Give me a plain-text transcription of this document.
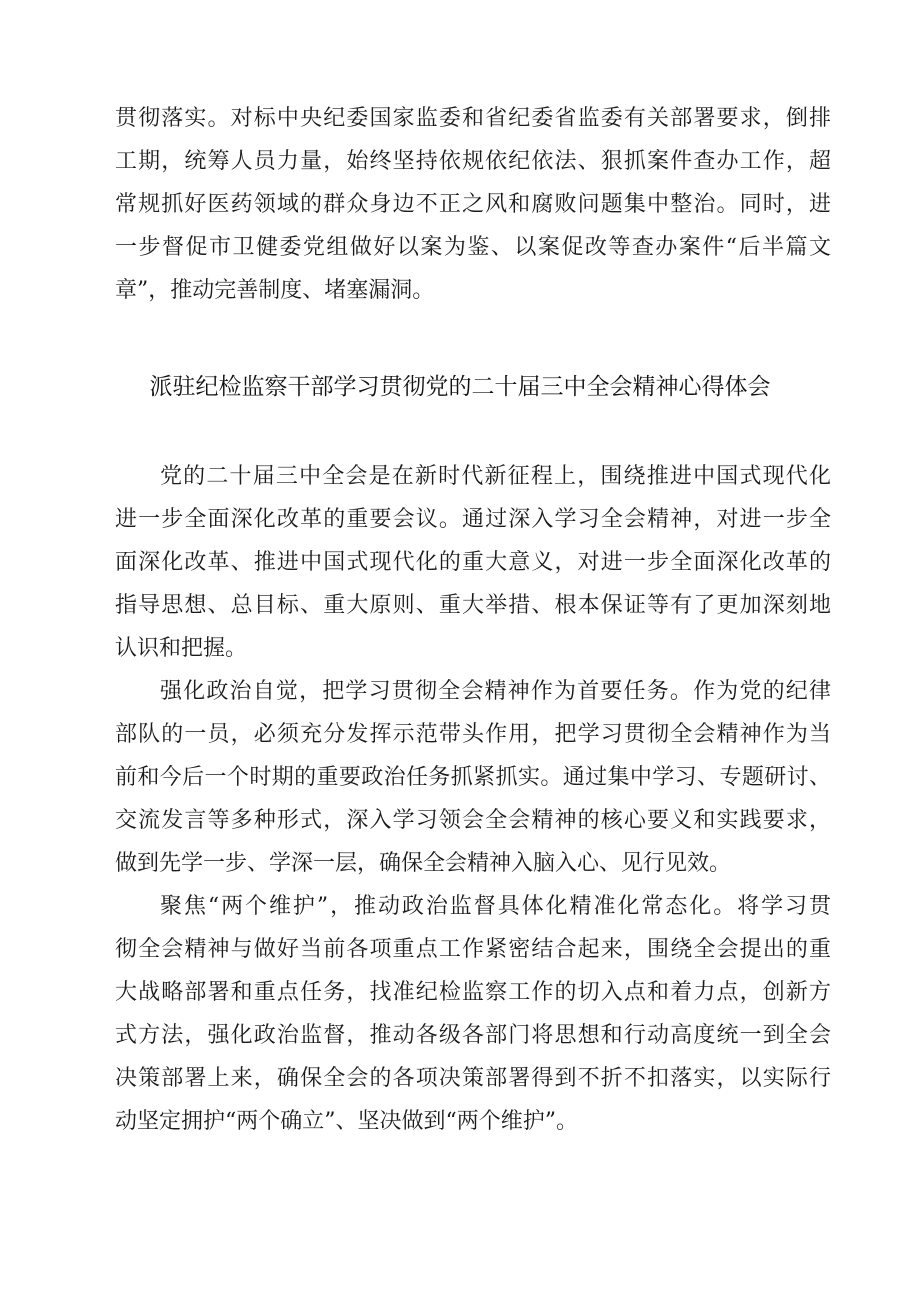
贯彻落实。对标中央纪委国家监委和省纪委省监委有关部署要求，倒排
工期，统筹人员力量，始终坚持依规依纪依法、狠抓案件查办工作，超
常规抓好医药领域的群众身边不正之风和腐败问题集中整治。同时，进
一步督促市卫健委党组做好以案为鉴、以案促改等查办案件“后半篇文
章”，推动完善制度、堵塞漏洞。
派驻纪检监察干部学习贯彻党的二十届三中全会精神心得体会
党的二十届三中全会是在新时代新征程上，围绕推进中国式现代化
进一步全面深化改革的重要会议。通过深入学习全会精神，对进一步全
面深化改革、推进中国式现代化的重大意义，对进一步全面深化改革的
指导思想、总目标、重大原则、重大举措、根本保证等有了更加深刻地
认识和把握。
强化政治自觉，把学习贯彻全会精神作为首要任务。作为党的纪律
部队的一员，必须充分发挥示范带头作用，把学习贯彻全会精神作为当
前和今后一个时期的重要政治任务抓紧抓实。通过集中学习、专题研讨、
交流发言等多种形式，深入学习领会全会精神的核心要义和实践要求，
做到先学一步、学深一层，确保全会精神入脑入心、见行见效。
聚焦“两个维护”，推动政治监督具体化精准化常态化。将学习贯
彻全会精神与做好当前各项重点工作紧密结合起来，围绕全会提出的重
大战略部署和重点任务，找准纪检监察工作的切入点和着力点，创新方
式方法，强化政治监督，推动各级各部门将思想和行动高度统一到全会
决策部署上来，确保全会的各项决策部署得到不折不扣落实，以实际行
动坚定拥护“两个确立”、坚决做到“两个维护”。
